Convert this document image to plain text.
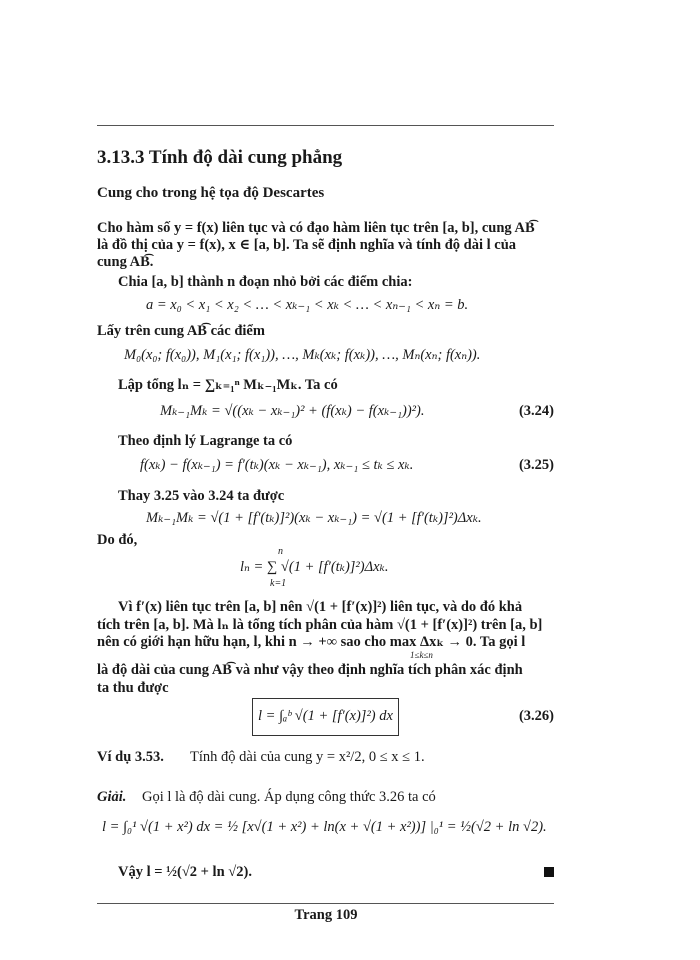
3.13.3 Tính độ dài cung phẳng
Cung cho trong hệ tọa độ Descartes
Cho hàm số y = f(x) liên tục và có đạo hàm liên tục trên [a, b], cung AB͡
là đồ thị của y = f(x), x ∈ [a, b]. Ta sẽ định nghĩa và tính độ dài l của
cung AB͡.
Chia [a, b] thành n đoạn nhỏ bởi các điểm chia:
a = x₀ < x₁ < x₂ < … < xₖ₋₁ < xₖ < … < xₙ₋₁ < xₙ = b.
Lấy trên cung AB͡ các điểm
M₀(x₀; f(x₀)), M₁(x₁; f(x₁)), …, Mₖ(xₖ; f(xₖ)), …, Mₙ(xₙ; f(xₙ)).
Lập tổng lₙ = ∑ₖ₌₁ⁿ Mₖ₋₁Mₖ. Ta có
Mₖ₋₁Mₖ = √((xₖ − xₖ₋₁)² + (f(xₖ) − f(xₖ₋₁))²).	(3.24)
Theo định lý Lagrange ta có
f(xₖ) − f(xₖ₋₁) = f′(tₖ)(xₖ − xₖ₋₁), xₖ₋₁ ≤ tₖ ≤ xₖ.	(3.25)
Thay 3.25 vào 3.24 ta được
Mₖ₋₁Mₖ = √(1 + [f′(tₖ)]²)(xₖ − xₖ₋₁) = √(1 + [f′(tₖ)]²)Δxₖ.
Do đó,
n
lₙ = ∑ √(1 + [f′(tₖ)]²)Δxₖ.
k=1
Vì f′(x) liên tục trên [a, b] nên √(1 + [f′(x)]²) liên tục, và do đó khả
tích trên [a, b]. Mà lₙ là tổng tích phân của hàm √(1 + [f′(x)]²) trên [a, b]
nên có giới hạn hữu hạn, l, khi n → +∞ sao cho max Δxₖ → 0. Ta gọi l
1≤k≤n
là độ dài của cung AB͡ và như vậy theo định nghĩa tích phân xác định
ta thu được
l = ∫ₐᵇ √(1 + [f′(x)]²) dx	(3.26)
Ví dụ 3.53. Tính độ dài của cung y = x²/2, 0 ≤ x ≤ 1.
Giải. Gọi l là độ dài cung. Áp dụng công thức 3.26 ta có
l = ∫₀¹ √(1 + x²) dx = ½ [x√(1 + x²) + ln(x + √(1 + x²))] |₀¹ = ½(√2 + ln √2).
Vậy l = ½(√2 + ln √2).
Trang 109
